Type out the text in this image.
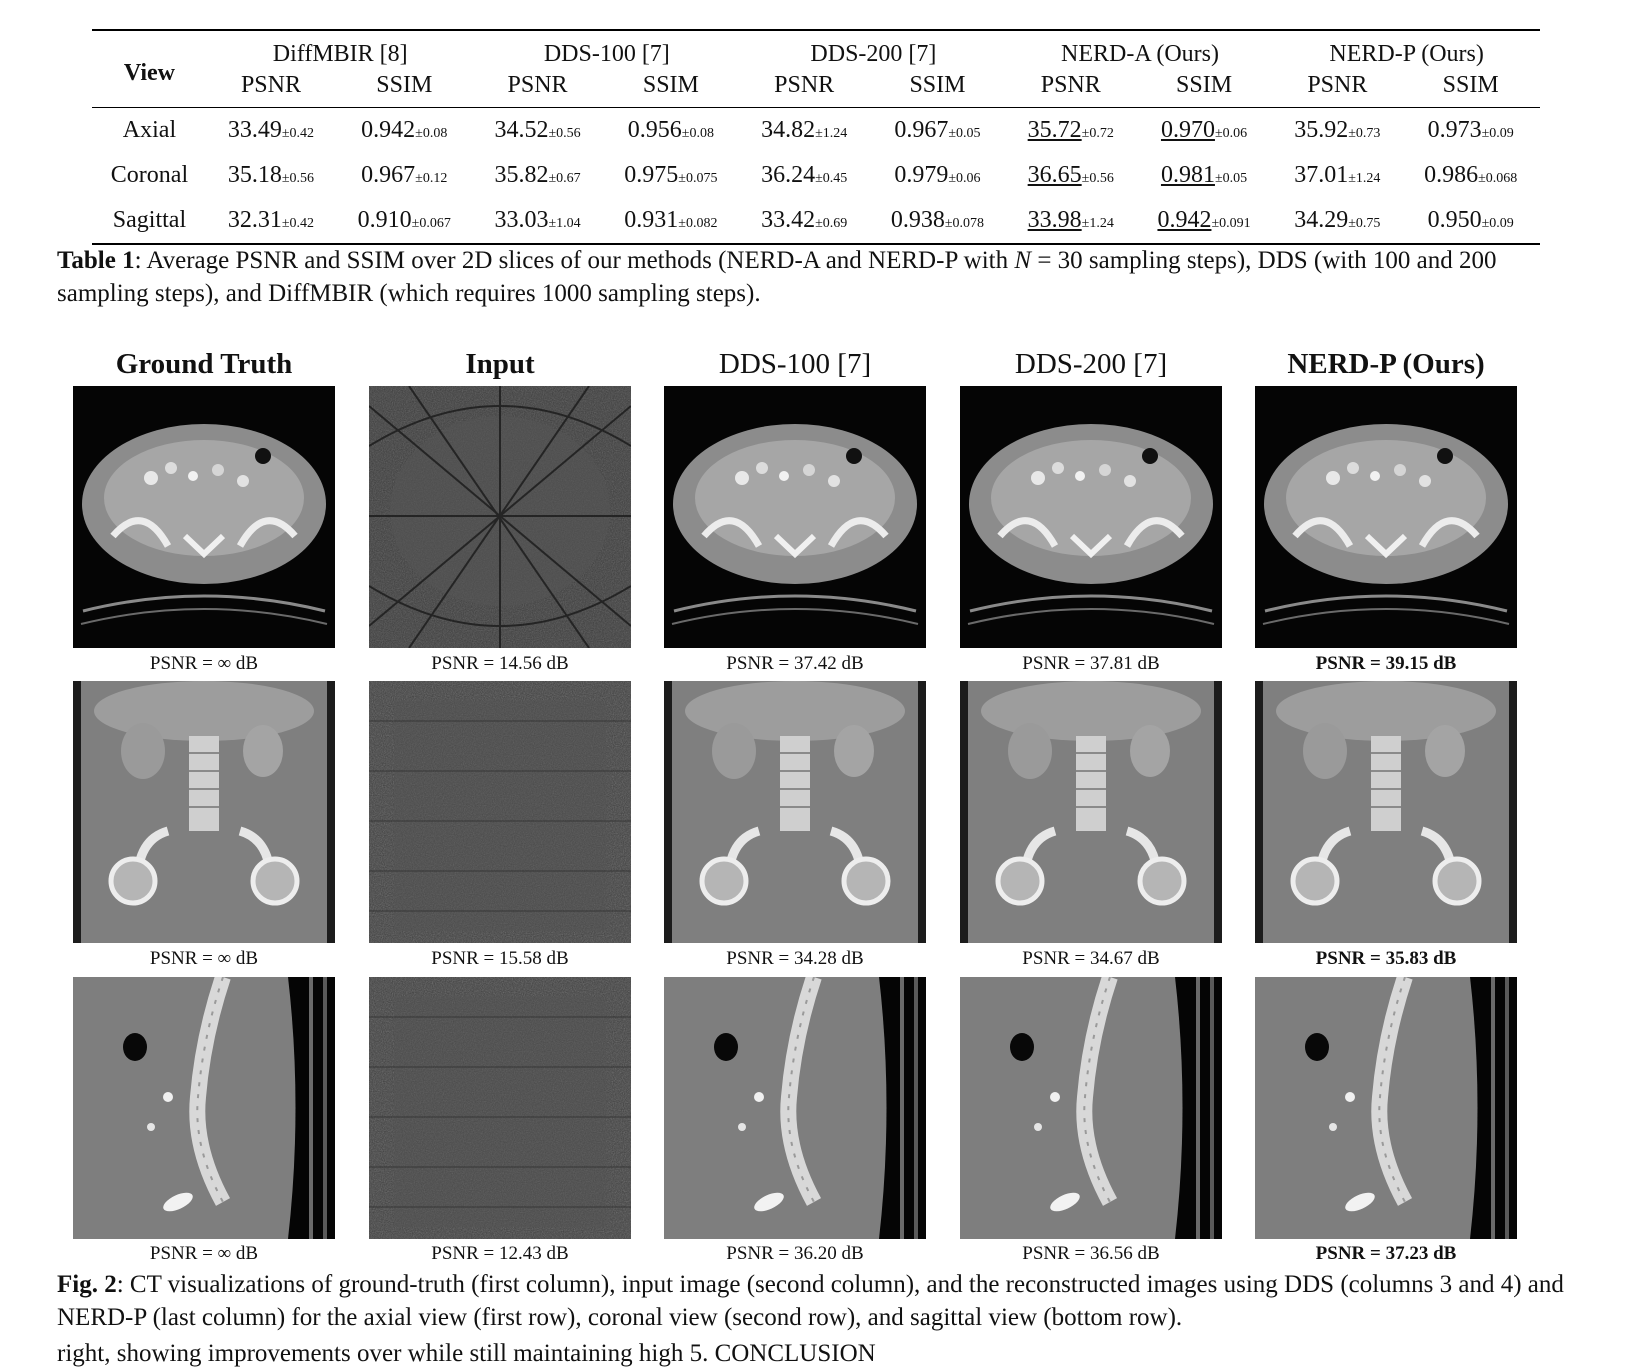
View	DiffMBIR [8]		DDS-100 [7]		DDS-200 [7]		NERD-A (Ours)		NERD-P (Ours)	
	PSNR	SSIM	PSNR	SSIM	PSNR	SSIM	PSNR	SSIM	PSNR	SSIM
Axial	33.49±0.42	0.942±0.08	34.52±0.56	0.956±0.08	34.82±1.24	0.967±0.05	35.72±0.72	0.970±0.06	35.92±0.73	0.973±0.09
Coronal	35.18±0.56	0.967±0.12	35.82±0.67	0.975±0.075	36.24±0.45	0.979±0.06	36.65±0.56	0.981±0.05	37.01±1.24	0.986±0.068
Sagittal	32.31±0.42	0.910±0.067	33.03±1.04	0.931±0.082	33.42±0.69	0.938±0.078	33.98±1.24	0.942±0.091	34.29±0.75	0.950±0.09
Table 1: Average PSNR and SSIM over 2D slices of our methods (NERD-A and NERD-P with N = 30 sampling steps), DDS (with 100 and 200 sampling steps), and DiffMBIR (which requires 1000 sampling steps).
Ground Truth	Input	DDS-100 [7]	DDS-200 [7]	NERD-P (Ours)
PSNR = ∞ dB	PSNR = 14.56 dB	PSNR = 37.42 dB	PSNR = 37.81 dB	PSNR = 39.15 dB
PSNR = ∞ dB	PSNR = 15.58 dB	PSNR = 34.28 dB	PSNR = 34.67 dB	PSNR = 35.83 dB
PSNR = ∞ dB	PSNR = 12.43 dB	PSNR = 36.20 dB	PSNR = 36.56 dB	PSNR = 37.23 dB
Fig. 2: CT visualizations of ground-truth (first column), input image (second column), and the reconstructed images using DDS (columns 3 and 4) and NERD-P (last column) for the axial view (first row), coronal view (second row), and sagittal view (bottom row).
right, showing improvements over while still maintaining high 5. CONCLUSION
